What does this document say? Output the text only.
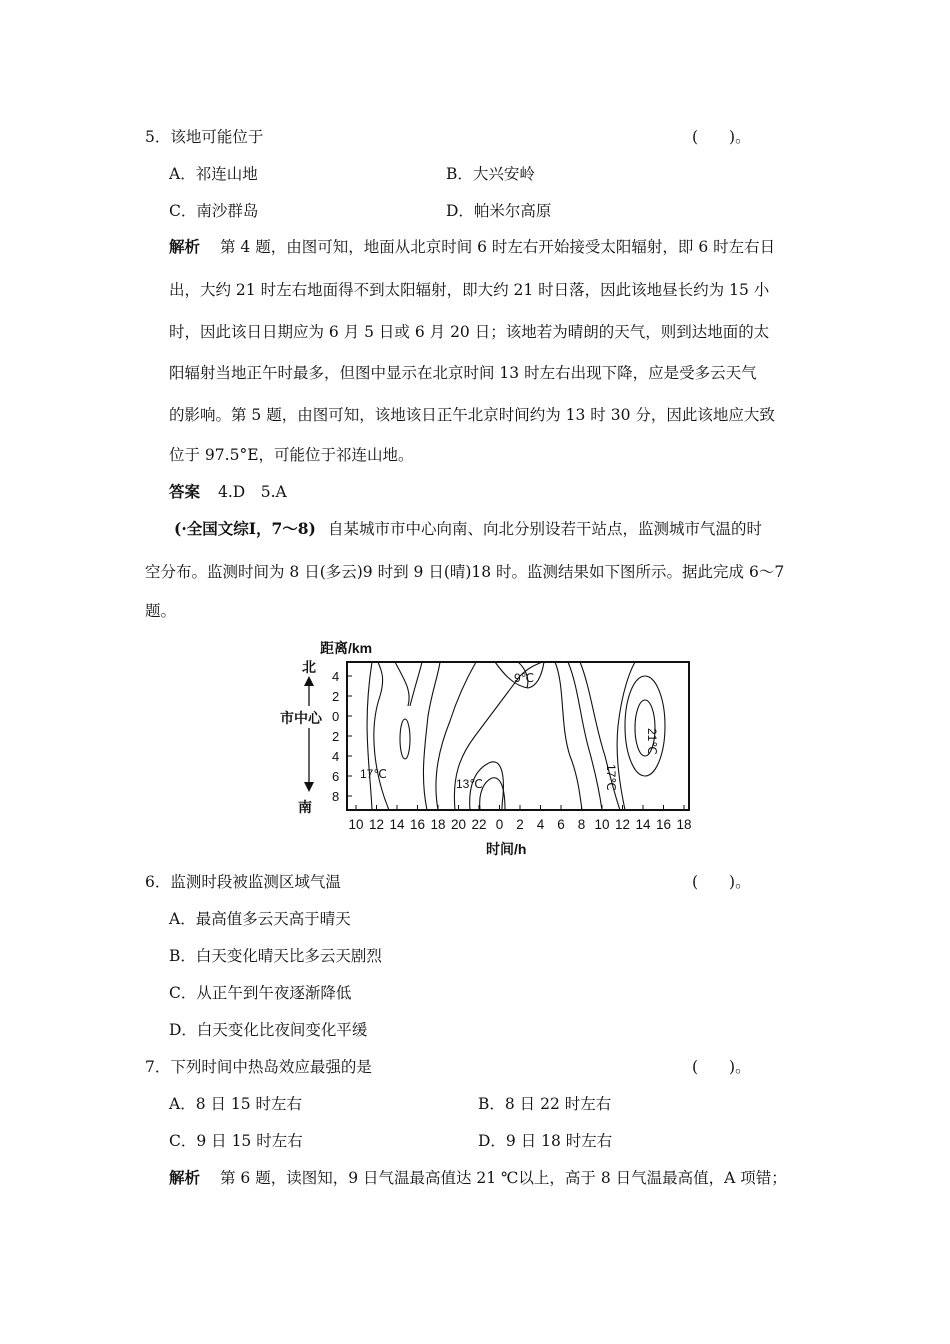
5．该地可能位于	(　　)。
A．祁连山地	B．大兴安岭
C．南沙群岛	D．帕米尔高原
解析 第 4 题，由图可知，地面从北京时间 6 时左右开始接受太阳辐射，即 6 时左右日
出，大约 21 时左右地面得不到太阳辐射，即大约 21 时日落，因此该地昼长约为 15 小
时，因此该日日期应为 6 月 5 日或 6 月 20 日；该地若为晴朗的天气，则到达地面的太
阳辐射当地正午时最多，但图中显示在北京时间 13 时左右出现下降，应是受多云天气
的影响。第 5 题，由图可知，该地该日正午北京时间约为 13 时 30 分，因此该地应大致
位于 97.5°E，可能位于祁连山地。
答案 4.D　5.A
(·全国文综Ⅰ，7～8) 自某城市市中心向南、向北分别设若干站点，监测城市气温的时
空分布。监测时间为 8 日(多云)9 时到 9 日(晴)18 时。监测结果如下图所示。据此完成 6～7
题。
距离/km
北
市中心
南
9℃
21℃
17℃
13℃	17℃
4
2
0
2
4
6
8
10 12 14 16 18 20 22 0 2 4 6 8 10 12 14 16 18
时间/h
6．监测时段被监测区域气温	(　　)。
A．最高值多云天高于晴天
B．白天变化晴天比多云天剧烈
C．从正午到午夜逐渐降低
D．白天变化比夜间变化平缓
7．下列时间中热岛效应最强的是	(　　)。
A．8 日 15 时左右	B．8 日 22 时左右
C．9 日 15 时左右	D．9 日 18 时左右
解析 第 6 题，读图知，9 日气温最高值达 21 ℃以上，高于 8 日气温最高值，A 项错；
